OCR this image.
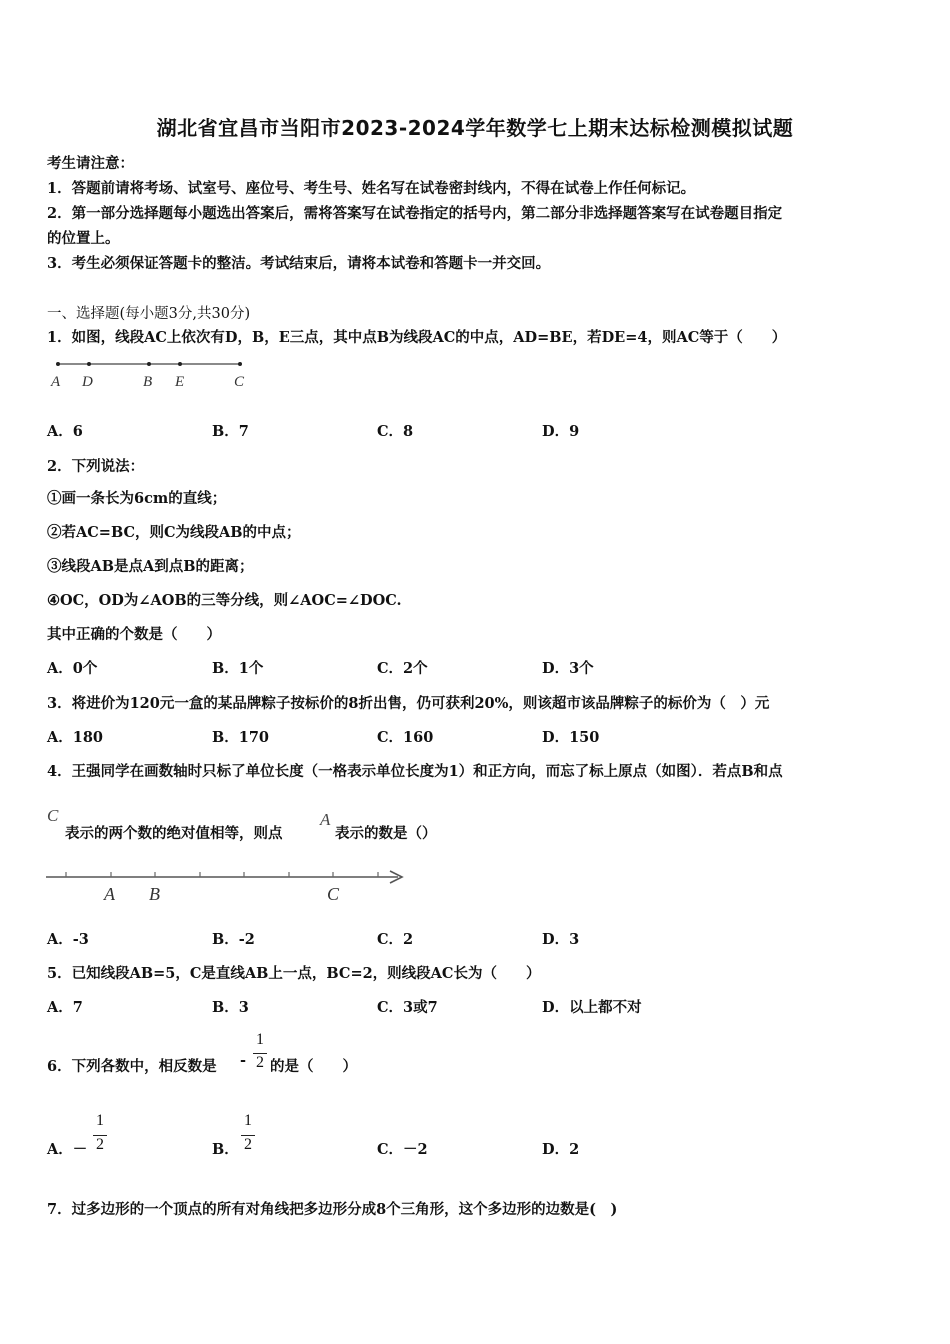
湖北省宜昌市当阳市2023-2024学年数学七上期末达标检测模拟试题
考生请注意：
1．答题前请将考场、试室号、座位号、考生号、姓名写在试卷密封线内，不得在试卷上作任何标记。
2．第一部分选择题每小题选出答案后，需将答案写在试卷指定的括号内，第二部分非选择题答案写在试卷题目指定
的位置上。
3．考生必须保证答题卡的整洁。考试结束后，请将本试卷和答题卡一并交回。
一、选择题(每小题3分,共30分)
1．如图，线段AC上依次有D，B，E三点，其中点B为线段AC的中点，AD=BE，若DE=4，则AC等于（　　）
A D	B E	C
A．6	B．7	C．8	D．9
2．下列说法：
①画一条长为6cm的直线；
②若AC=BC，则C为线段AB的中点；
③线段AB是点A到点B的距离；
④OC，OD为∠AOB的三等分线，则∠AOC=∠DOC.
其中正确的个数是（　　）
A．0个	B．1个	C．2个	D．3个
3．将进价为120元一盒的某品牌粽子按标价的8折出售，仍可获利20%，则该超市该品牌粽子的标价为（　）元
A．180	B．170	C．160	D．150
4．王强同学在画数轴时只标了单位长度（一格表示单位长度为1）和正方向，而忘了标上原点（如图）．若点B和点
C
表示的两个数的绝对值相等，则点
A
表示的数是（）
A B	C
A．-3	B．-2	C．2	D．3
5．已知线段AB=5，C是直线AB上一点，BC=2，则线段AC长为（　　）
A．7	B．3	C．3或7	D．以上都不对
6．下列各数中，相反数是 -
1
2 的是（　　）
A．－
1
2	B．
1
2	C．－2	D．2
7．过多边形的一个顶点的所有对角线把多边形分成8个三角形，这个多边形的边数是(　)
